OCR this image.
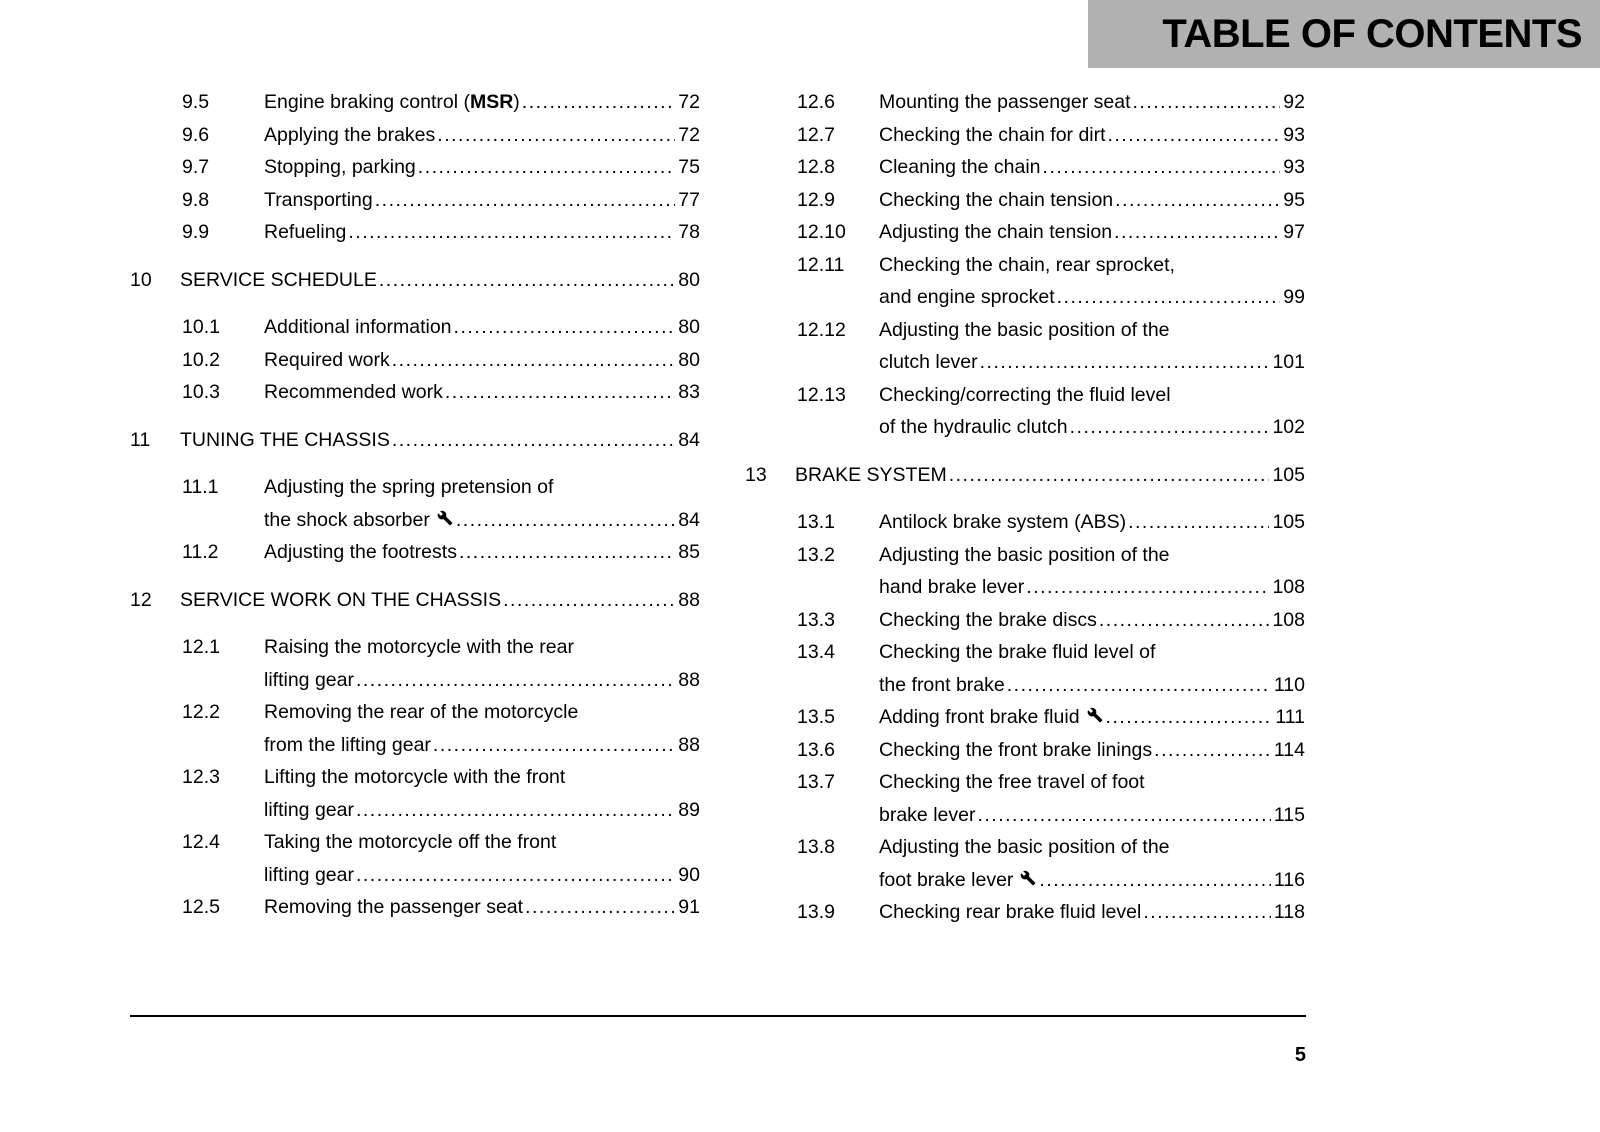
TABLE OF CONTENTS
9.5	Engine braking control ( MSR ) .....	72
9.6	Applying the brakes .....	72
9.7	Stopping, parking .....	75
9.8	Transporting .....	77
9.9	Refueling .....	78
10	SERVICE SCHEDULE .....	80
10.1	Additional information .....	80
10.2	Required work .....	80
10.3	Recommended work .....	83
11	TUNING THE CHASSIS .....	84
11.1	Adjusting the spring pretension of
the shock absorber .....	84
11.2	Adjusting the footrests .....	85
12	SERVICE WORK ON THE CHASSIS .....	88
12.1	Raising the motorcycle with the rear
lifting gear .....	88
12.2	Removing the rear of the motorcycle
from the lifting gear .....	88
12.3	Lifting the motorcycle with the front
lifting gear .....	89
12.4	Taking the motorcycle off the front
lifting gear .....	90
12.5	Removing the passenger seat .....	91
12.6	Mounting the passenger seat .....	92
12.7	Checking the chain for dirt .....	93
12.8	Cleaning the chain .....	93
12.9	Checking the chain tension .....	95
12.10	Adjusting the chain tension .....	97
12.11	Checking the chain, rear sprocket,
and engine sprocket .....	99
12.12	Adjusting the basic position of the
clutch lever .....	101
12.13	Checking/correcting the fluid level
of the hydraulic clutch .....	102
13	BRAKE SYSTEM .....	105
13.1	Antilock brake system (ABS) .....	105
13.2	Adjusting the basic position of the
hand brake lever .....	108
13.3	Checking the brake discs .....	108
13.4	Checking the brake fluid level of
the front brake .....	110
13.5	Adding front brake fluid .....	111
13.6	Checking the front brake linings .....	114
13.7	Checking the free travel of foot
brake lever .....	115
13.8	Adjusting the basic position of the
foot brake lever .....	116
13.9	Checking rear brake fluid level .....	118
5
